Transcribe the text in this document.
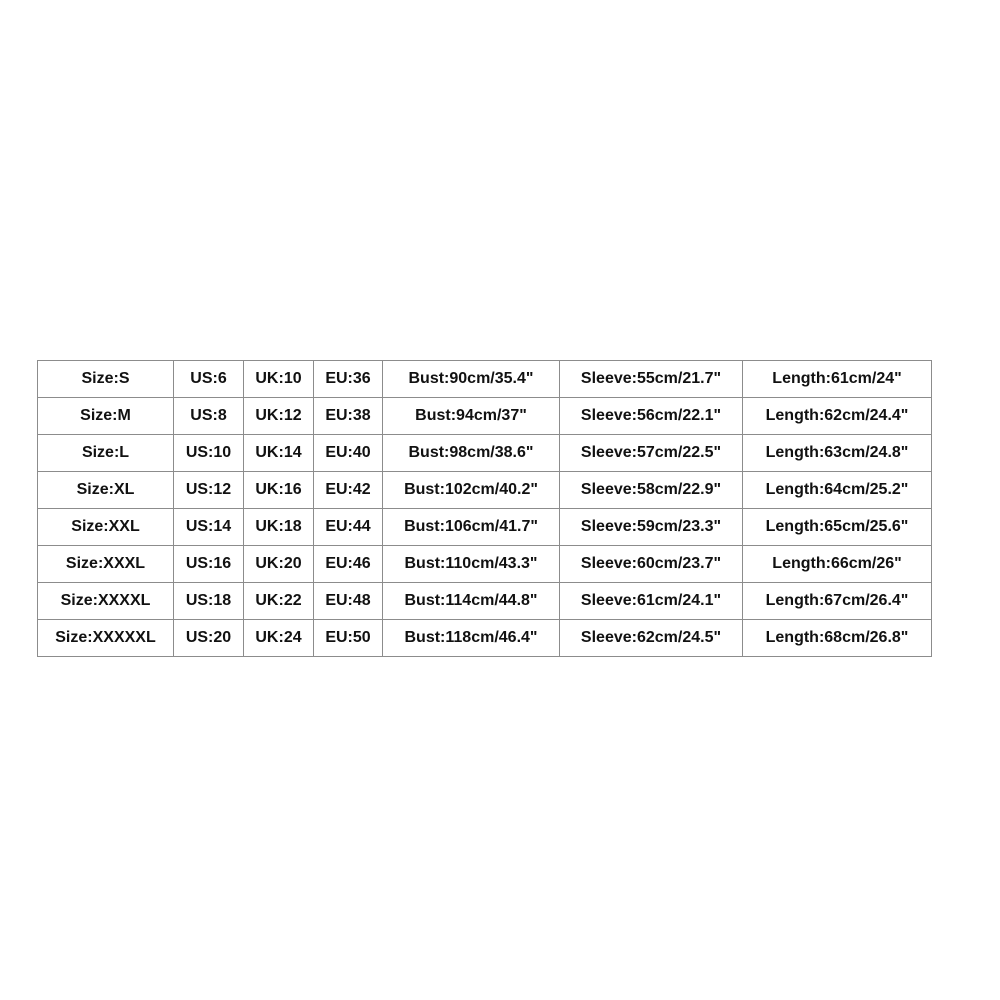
Size:S	US:6	UK:10	EU:36	Bust:90cm/35.4"	Sleeve:55cm/21.7"	Length:61cm/24"
Size:M	US:8	UK:12	EU:38	Bust:94cm/37"	Sleeve:56cm/22.1"	Length:62cm/24.4"
Size:L	US:10	UK:14	EU:40	Bust:98cm/38.6"	Sleeve:57cm/22.5"	Length:63cm/24.8"
Size:XL	US:12	UK:16	EU:42	Bust:102cm/40.2"	Sleeve:58cm/22.9"	Length:64cm/25.2"
Size:XXL	US:14	UK:18	EU:44	Bust:106cm/41.7"	Sleeve:59cm/23.3"	Length:65cm/25.6"
Size:XXXL	US:16	UK:20	EU:46	Bust:110cm/43.3"	Sleeve:60cm/23.7"	Length:66cm/26"
Size:XXXXL	US:18	UK:22	EU:48	Bust:114cm/44.8"	Sleeve:61cm/24.1"	Length:67cm/26.4"
Size:XXXXXL	US:20	UK:24	EU:50	Bust:118cm/46.4"	Sleeve:62cm/24.5"	Length:68cm/26.8"
